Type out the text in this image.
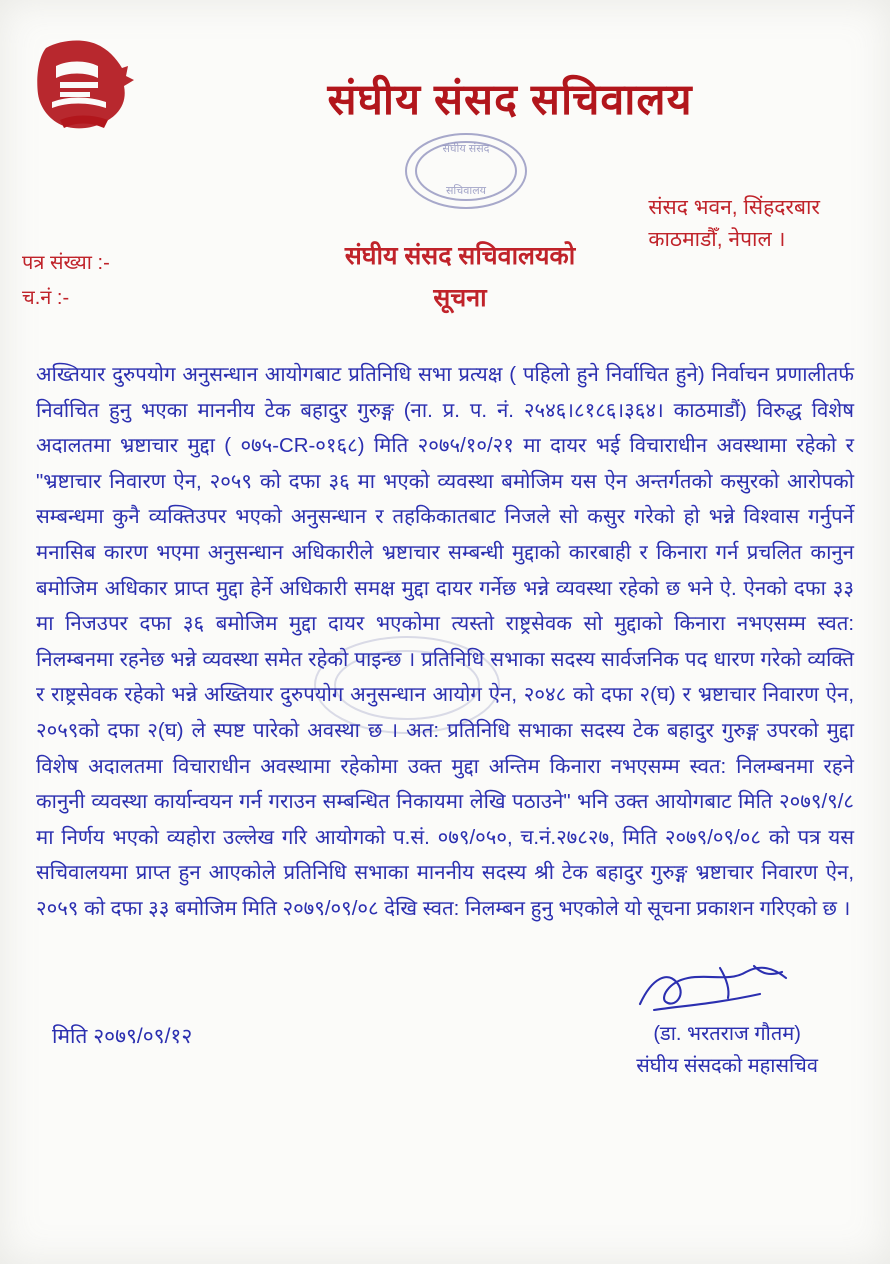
संघीय संसद सचिवालय
संघीय संसद
सचिवालय
संसद भवन, सिंहदरबार
काठमाडौँ, नेपाल ।
पत्र संख्या :-
च.नं :-
संघीय संसद सचिवालयको
सूचना

अख्तियार दुरुपयोग अनुसन्धान आयोगबाट प्रतिनिधि सभा प्रत्यक्ष ( पहिलो हुने निर्वाचित हुने) निर्वाचन प्रणालीतर्फ निर्वाचित हुनु भएका माननीय टेक बहादुर गुरुङ्ग (ना. प्र. प. नं. २५४६।८१८६।३६४। काठमाडौं) विरुद्ध विशेष अदालतमा भ्रष्टाचार मुद्दा ( ०७५-CR-०१६८) मिति २०७५/१०/२१ मा दायर भई विचाराधीन अवस्थामा रहेको र "भ्रष्टाचार निवारण ऐन, २०५९ को दफा ३६ मा भएको व्यवस्था बमोजिम यस ऐन अन्तर्गतको कसुरको आरोपको सम्बन्धमा कुनै व्यक्तिउपर भएको अनुसन्धान र तहकिकातबाट निजले सो कसुर गरेको हो भन्ने विश्वास गर्नुपर्ने मनासिब कारण भएमा अनुसन्धान अधिकारीले भ्रष्टाचार सम्बन्धी मुद्दाको कारबाही र किनारा गर्न प्रचलित कानुन बमोजिम अधिकार प्राप्त मुद्दा हेर्ने अधिकारी समक्ष मुद्दा दायर गर्नेछ भन्ने व्यवस्था रहेको छ भने ऐ. ऐनको दफा ३३ मा निजउपर दफा ३६ बमोजिम मुद्दा दायर भएकोमा त्यस्तो राष्ट्रसेवक सो मुद्दाको किनारा नभएसम्म स्वत: निलम्बनमा रहनेछ भन्ने व्यवस्था समेत रहेको पाइन्छ । प्रतिनिधि सभाका सदस्य सार्वजनिक पद धारण गरेको व्यक्ति र राष्ट्रसेवक रहेको भन्ने अख्तियार दुरुपयोग अनुसन्धान आयोग ऐन, २०४८ को दफा २(घ) र भ्रष्टाचार निवारण ऐन, २०५९को दफा २(घ) ले स्पष्ट पारेको अवस्था छ । अत: प्रतिनिधि सभाका सदस्य टेक बहादुर गुरुङ्ग उपरको मुद्दा विशेष अदालतमा विचाराधीन अवस्थामा रहेकोमा उक्त मुद्दा अन्तिम किनारा नभएसम्म स्वत: निलम्बनमा रहने कानुनी व्यवस्था कार्यान्वयन गर्न गराउन सम्बन्धित निकायमा लेखि पठाउने" भनि उक्त आयोगबाट मिति २०७९/९/८ मा निर्णय भएको व्यहोरा उल्लेख गरि आयोगको प.सं. ०७९/०५०, च.नं.२७८२७, मिति २०७९/०९/०८ को पत्र यस सचिवालयमा प्राप्त हुन आएकोले प्रतिनिधि सभाका माननीय सदस्य श्री टेक बहादुर गुरुङ्ग भ्रष्टाचार निवारण ऐन, २०५९ को दफा ३३ बमोजिम मिति २०७९/०९/०८ देखि स्वत: निलम्बन हुनु भएकोले यो सूचना प्रकाशन गरिएको छ ।

मिति २०७९/०९/१२	(डा. भरतराज गौतम)
संघीय संसदको महासचिव
